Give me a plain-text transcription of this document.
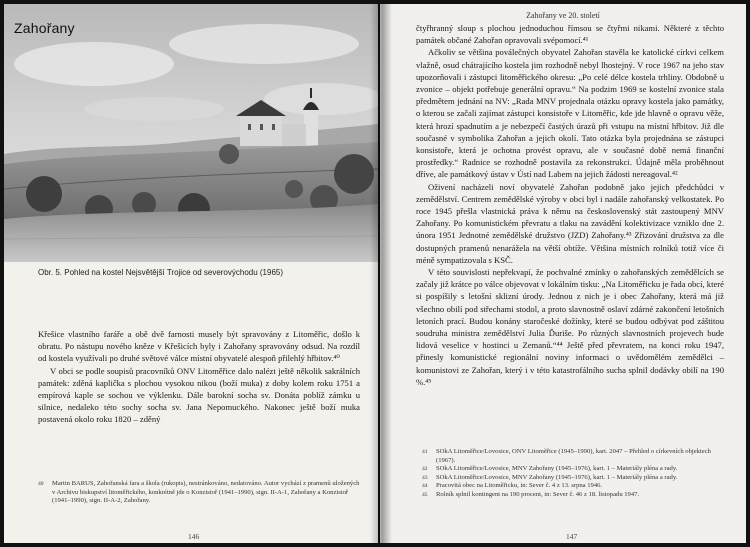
Zahořany
Obr. 5. Pohled na kostel Nejsvětější Trojice od severovýchodu (1965)

Křešice vlastního faráře a obě dvě farnosti musely být spravovány z Litoměřic, došlo k obratu. Po nástupu nového kněze v Křešicích byly i Zahořany spravovány odsud. Na rozdíl od kostela využívali po druhé světové válce místní obyvatelé alespoň přilehlý hřbitov.⁴⁰

V obci se podle soupisů pracovníků ONV Litoměřice dalo nalézt ještě několik sakrálních památek: zděná kaplička s plochou vysokou nikou (boží muka) z doby kolem roku 1751 a empírová kaple se sochou ve výklenku. Dále barokní socha sv. Donáta poblíž zámku u silnice, nedaleko této sochy socha sv. Jana Nepomuckého. Nakonec ještě boží muka postavená okolo roku 1820 – zděný

40 Martin BARUS, Zahořanská fara a škola (rukopis), nestránkováno, nedatováno. Autor vychází z pramenů uložených v Archivu biskupství litoměřického, konkrétně jde o Konzistoř (1941–1990), sign. II-A-1, Zahořany a Konzistoř (1941–1990), sign. II-A-2, Zahořany.
146
Zahořany ve 20. století

čtyřhranný sloup s plochou jednoduchou římsou se čtyřmi nikami. Některé z těchto památek občané Zahořan opravovali svépomocí.⁴¹

Ačkoliv se většina poválečných obyvatel Zahořan stavěla ke katolické církvi celkem vlažně, osud chátrajícího kostela jim rozhodně nebyl lhostejný. V roce 1967 na jeho stav upozorňovali i zástupci litoměřického okresu: „Po celé délce kostela trhliny. Obdobně u zvonice – objekt potřebuje generální opravu.“ Na podzim 1969 se kostelní zvonice stala předmětem jednání na NV: „Rada MNV projednala otázku opravy kostela jako památky, o kterou se začali zajímat zástupci konsistoře v Litoměřic, kde jde hlavně o opravu věže, která hrozí spadnutím a je nebezpečí častých úrazů při vstupu na místní hřbitov. Již dle současné v symbolika Zahořan a jejich okolí. Tato otázka byla projednána se zástupci konsistoře, která je ochotna provést opravu, ale v současné době nemá finanční prostředky.“ Radnice se rozhodně postavila za rekonstrukci. Údajně měla proběhnout dříve, ale památkový ústav v Ústí nad Labem na jejich žádosti nereagoval.⁴²

Oživení nacházeli noví obyvatelé Zahořan podobně jako jejich předchůdci v zemědělství. Centrem zemědělské výroby v obci byl i nadále zahořanský velkostatek. Po roce 1945 přešla vlastnická práva k němu na československý stát zastoupený MNV Zahořany. Po komunistickém převratu a tlaku na zavádění kolektivizace vzniklo dne 2. února 1951 Jednotné zemědělské družstvo (JZD) Zahořany.⁴³ Zřizování družstva za dle dostupných pramenů nenarážela na větší obtíže. Většina místních rolníků totiž více či méně sympatizovala s KSČ.

V této souvislosti nepřekvapí, že pochvalné zmínky o zahořanských zemědělcích se začaly již krátce po válce objevovat v lokálním tisku: „Na Litoměřicku je řada obcí, které si pospíšily s letošní sklizní úrody. Jednou z nich je i obec Zahořany, která má již všechno obilí pod střechami stodol, a proto slavnostně oslaví zdárné zakončení letošních letoních prací. Budou konány staročeské dožínky, které se budou odbývat pod záštitou soudruha ministra zemědělství Julia Ďuriše. Po různých slavnostních projevech bude lidová veselice v hostinci u Zemanů.“⁴⁴ Ještě před převratem, na konci roku 1947, přinesly komunistické regionální noviny informaci o uvědomělém zemědělci – komunistovi ze Zahořan, který i v této katastrofálního sucha splnil dodávky obilí na 190 %.⁴⁵

41 SOkA Litoměřice/Lovosice, ONV Litoměřice (1945–1990), kart. 2047 – Přehled o církevních objektech (1967).
42 SOkA Litoměřice/Lovosice, MNV Zahořany (1945–1976), kart. 1 – Materiály pléna a rady.
43 SOkA Litoměřice/Lovosice, MNV Zahořany (1945–1976), kart. 1 – Materiály pléna a rady.
44 Pracovitá obec na Litoměřicku, in: Sever č. 4 z 13. srpna 1946.
45 Rolník splnil kontingent na 190 procent, in: Sever č. 46 z 18. listopadu 1947.
147
